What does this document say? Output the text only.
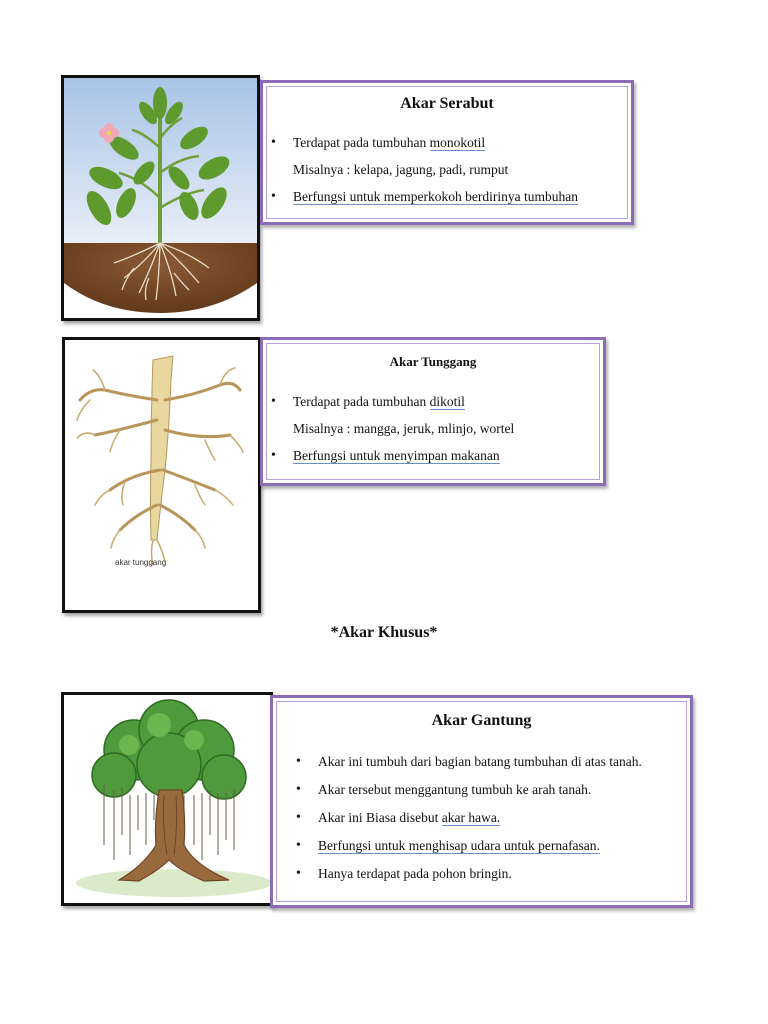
Akar Serabut
• Terdapat pada tumbuhan monokotil
Misalnya : kelapa, jagung, padi, rumput
• Berfungsi untuk memperkokoh berdirinya tumbuhan
akar tunggang
Akar Tunggang
• Terdapat pada tumbuhan dikotil
Misalnya : mangga, jeruk, mlinjo, wortel
• Berfungsi untuk menyimpan makanan
*Akar Khusus*
Akar Gantung
• Akar ini tumbuh dari bagian batang tumbuhan di atas tanah.
• Akar tersebut menggantung tumbuh ke arah tanah.
• Akar ini Biasa disebut akar hawa.
• Berfungsi untuk menghisap udara untuk pernafasan.
• Hanya terdapat pada pohon bringin.
